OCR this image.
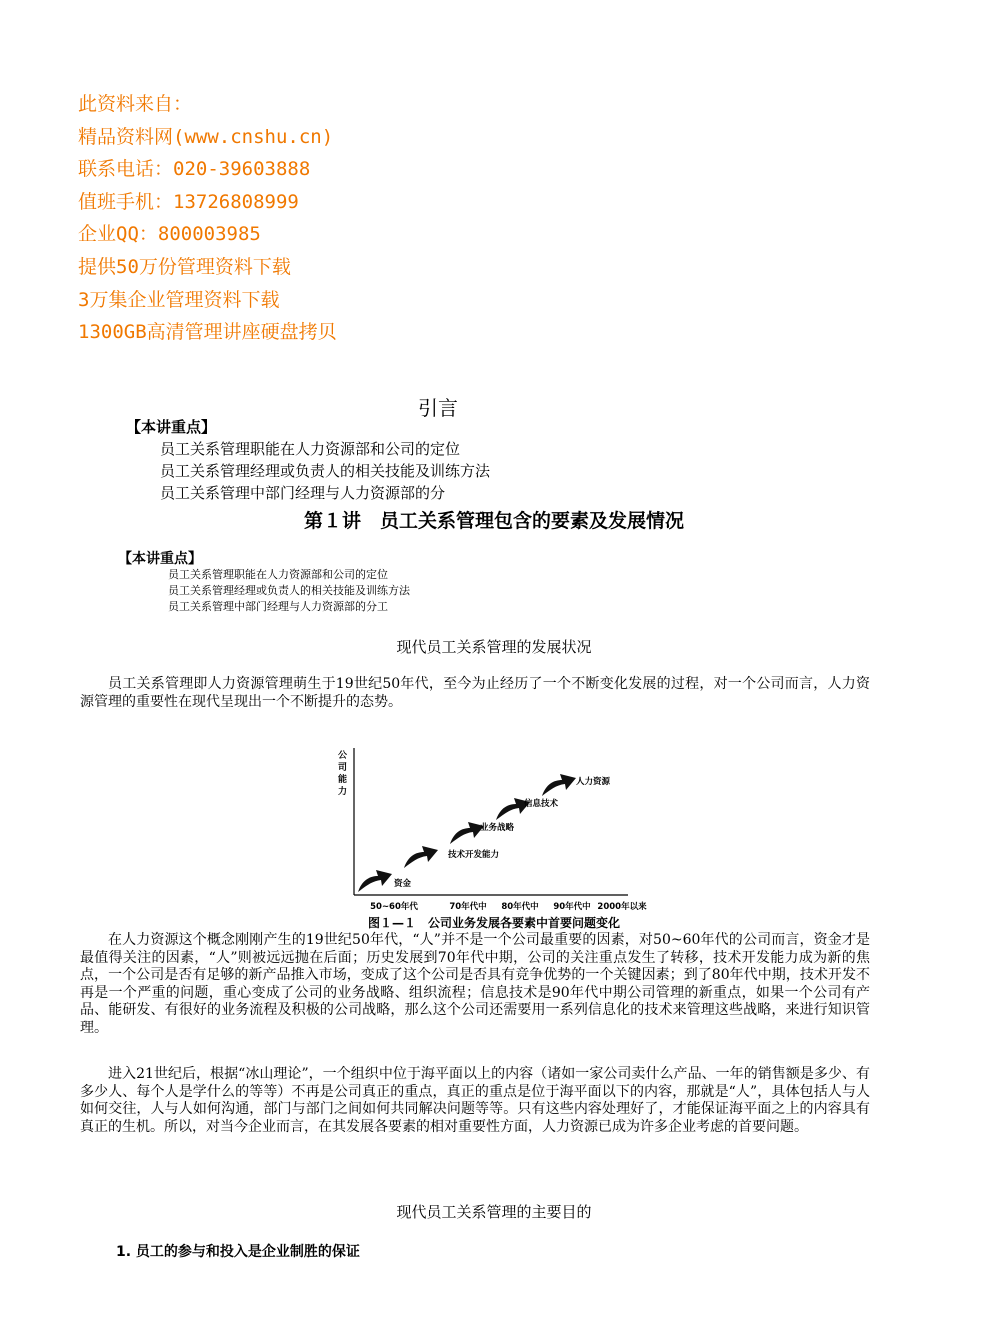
此资料来自：
精品资料网(www.cnshu.cn)
联系电话：020-39603888
值班手机：13726808999
企业QQ：800003985
提供50万份管理资料下载
3万集企业管理资料下载
1300GB高清管理讲座硬盘拷贝
引言
【本讲重点】
员工关系管理职能在人力资源部和公司的定位
员工关系管理经理或负责人的相关技能及训练方法
员工关系管理中部门经理与人力资源部的分
第１讲　员工关系管理包含的要素及发展情况
【本讲重点】
员工关系管理职能在人力资源部和公司的定位
员工关系管理经理或负责人的相关技能及训练方法
员工关系管理中部门经理与人力资源部的分工
现代员工关系管理的发展状况

员工关系管理即人力资源管理萌生于19世纪50年代，至今为止经历了一个不断变化发展的过程，对一个公司而言，人力资源管理的重要性在现代呈现出一个不断提升的态势。

公
司
能
力
资金
技术开发能力
业务战略
信息技术
人力资源
50~60年代	70年代中 80年代中 90年代中 2000年以来
图１—１　公司业务发展各要素中首要问题变化

在人力资源这个概念刚刚产生的19世纪50年代，“人”并不是一个公司最重要的因素，对50~60年代的公司而言，资金才是最值得关注的因素，“人”则被远远抛在后面；历史发展到70年代中期，公司的关注重点发生了转移，技术开发能力成为新的焦点，一个公司是否有足够的新产品推入市场，变成了这个公司是否具有竞争优势的一个关键因素；到了80年代中期，技术开发不再是一个严重的问题，重心变成了公司的业务战略、组织流程；信息技术是90年代中期公司管理的新重点，如果一个公司有产品、能研发、有很好的业务流程及积极的公司战略，那么这个公司还需要用一系列信息化的技术来管理这些战略，来进行知识管理。

进入21世纪后，根据“冰山理论”，一个组织中位于海平面以上的内容（诸如一家公司卖什么产品、一年的销售额是多少、有多少人、每个人是学什么的等等）不再是公司真正的重点，真正的重点是位于海平面以下的内容，那就是“人”，具体包括人与人如何交往，人与人如何沟通，部门与部门之间如何共同解决问题等等。只有这些内容处理好了，才能保证海平面之上的内容具有真正的生机。所以，对当今企业而言，在其发展各要素的相对重要性方面，人力资源已成为许多企业考虑的首要问题。

现代员工关系管理的主要目的
1. 员工的参与和投入是企业制胜的保证
